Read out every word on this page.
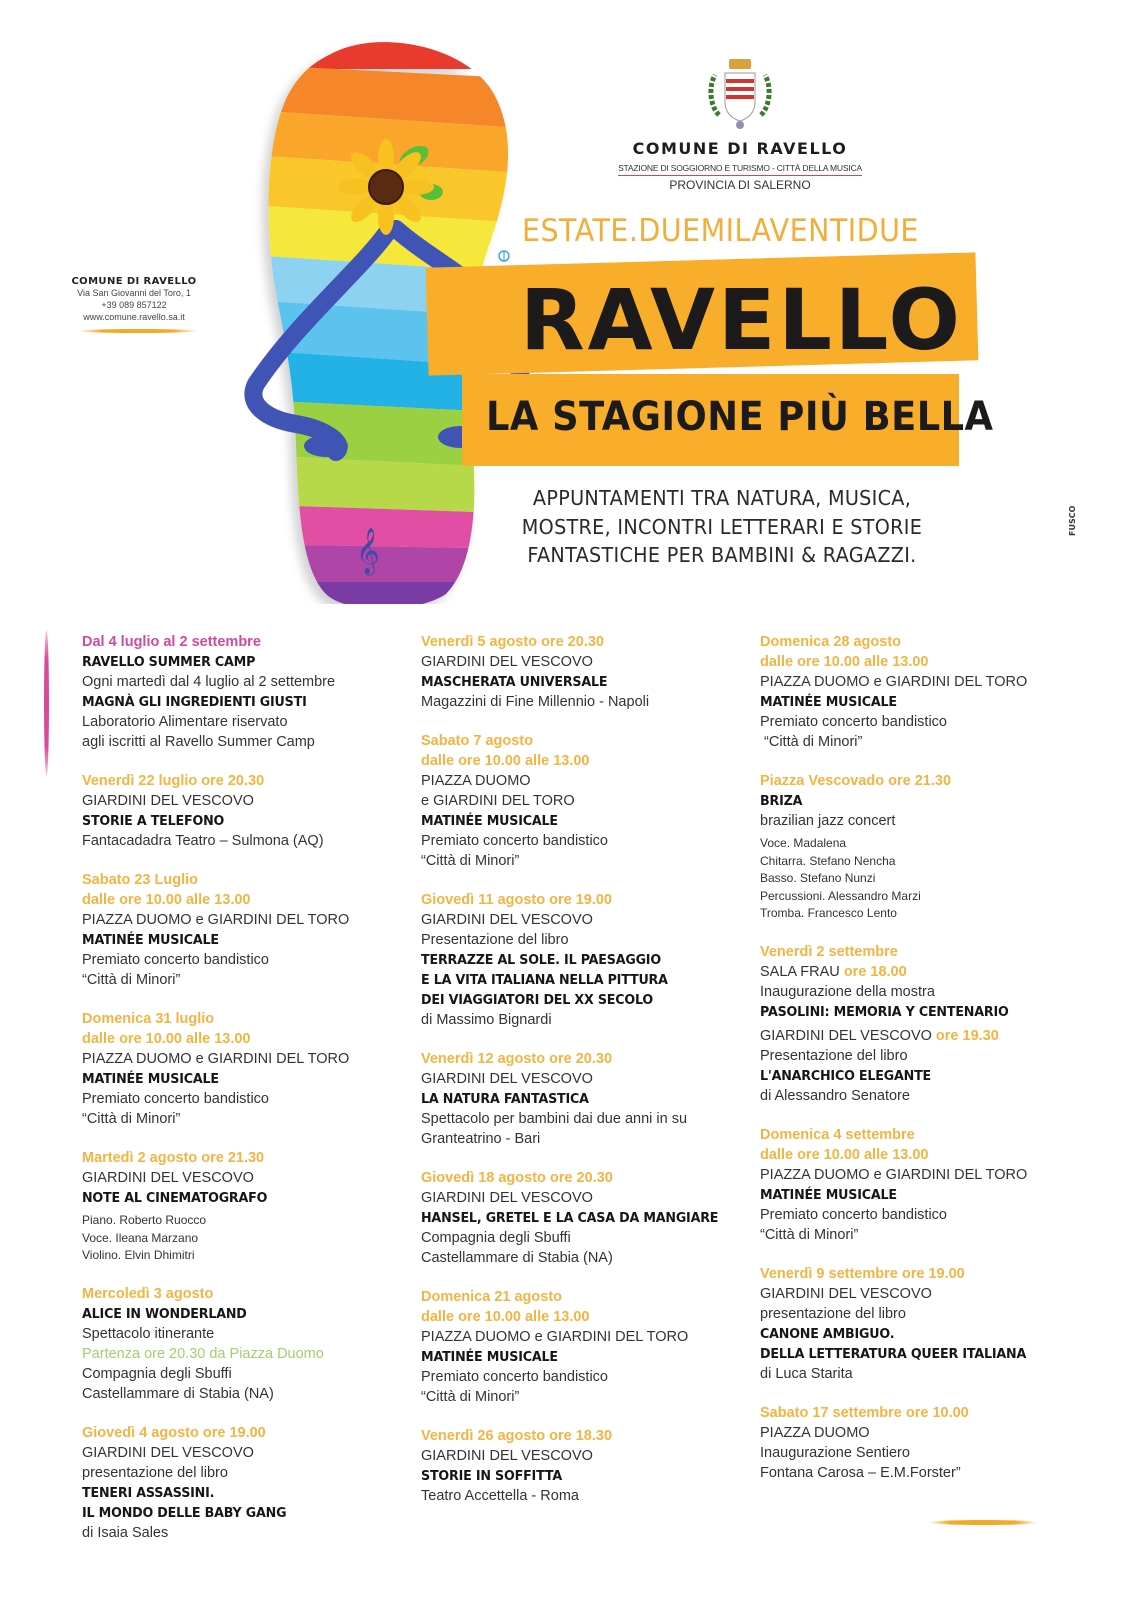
𝄞
COMUNE DI RAVELLO
STAZIONE DI SOGGIORNO E TURISMO - CITTÀ DELLA MUSICA
PROVINCIA DI SALERNO
COMUNE DI RAVELLO
Via San Giovanni del Toro, 1
+39 089 857122
www.comune.ravello.sa.it
ESTATE.DUEMILAVENTIDUE
RAVELLO
LA STAGIONE PIÙ BELLA
APPUNTAMENTI TRA NATURA, MUSICA,
MOSTRE, INCONTRI LETTERARI E STORIE
FANTASTICHE PER BAMBINI & RAGAZZI.
FUSCO
Dal 4 luglio al 2 settembre
RAVELLO SUMMER CAMP
Ogni martedì dal 4 luglio al 2 settembre
MAGNÀ GLI INGREDIENTI GIUSTI
Laboratorio Alimentare riservato
agli iscritti al Ravello Summer Camp
Venerdì 22 luglio ore 20.30
GIARDINI DEL VESCOVO
STORIE A TELEFONO
Fantacadadra Teatro – Sulmona (AQ)
Sabato 23 Luglio
dalle ore 10.00 alle 13.00
PIAZZA DUOMO e GIARDINI DEL TORO
MATINÉE MUSICALE
Premiato concerto bandistico
“Città di Minori”
Domenica 31 luglio
dalle ore 10.00 alle 13.00
PIAZZA DUOMO e GIARDINI DEL TORO
MATINÉE MUSICALE
Premiato concerto bandistico
“Città di Minori”
Martedì 2 agosto ore 21.30
GIARDINI DEL VESCOVO
NOTE AL CINEMATOGRAFO
Piano. Roberto Ruocco
Voce. Ileana Marzano
Violino. Elvin Dhimitri
Mercoledì 3 agosto
ALICE IN WONDERLAND
Spettacolo itinerante
Partenza ore 20.30 da Piazza Duomo
Compagnia degli Sbuffi
Castellammare di Stabia (NA)
Giovedì 4 agosto ore 19.00
GIARDINI DEL VESCOVO
presentazione del libro
TENERI ASSASSINI.
IL MONDO DELLE BABY GANG
di Isaia Sales
Venerdì 5 agosto ore 20.30
GIARDINI DEL VESCOVO
MASCHERATA UNIVERSALE
Magazzini di Fine Millennio - Napoli
Sabato 7 agosto
dalle ore 10.00 alle 13.00
PIAZZA DUOMO
e GIARDINI DEL TORO
MATINÉE MUSICALE
Premiato concerto bandistico
“Città di Minori”
Giovedì 11 agosto ore 19.00
GIARDINI DEL VESCOVO
Presentazione del libro
TERRAZZE AL SOLE. IL PAESAGGIO
E LA VITA ITALIANA NELLA PITTURA
DEI VIAGGIATORI DEL XX SECOLO
di Massimo Bignardi
Venerdì 12 agosto ore 20.30
GIARDINI DEL VESCOVO
LA NATURA FANTASTICA
Spettacolo per bambini dai due anni in su
Granteatrino - Bari
Giovedì 18 agosto ore 20.30
GIARDINI DEL VESCOVO
HANSEL, GRETEL E LA CASA DA MANGIARE
Compagnia degli Sbuffi
Castellammare di Stabia (NA)
Domenica 21 agosto
dalle ore 10.00 alle 13.00
PIAZZA DUOMO e GIARDINI DEL TORO
MATINÉE MUSICALE
Premiato concerto bandistico
“Città di Minori”
Venerdì 26 agosto ore 18.30
GIARDINI DEL VESCOVO
STORIE IN SOFFITTA
Teatro Accettella - Roma
Domenica 28 agosto
dalle ore 10.00 alle 13.00
PIAZZA DUOMO e GIARDINI DEL TORO
MATINÉE MUSICALE
Premiato concerto bandistico
“Città di Minori”
Piazza Vescovado ore 21.30
BRIZA
brazilian jazz concert
Voce. Madalena
Chitarra. Stefano Nencha
Basso. Stefano Nunzi
Percussioni. Alessandro Marzi
Tromba. Francesco Lento
Venerdì 2 settembre
SALA FRAU ore 18.00
Inaugurazione della mostra
PASOLINI: MEMORIA Y CENTENARIO
GIARDINI DEL VESCOVO ore 19.30
Presentazione del libro
L'ANARCHICO ELEGANTE
di Alessandro Senatore
Domenica 4 settembre
dalle ore 10.00 alle 13.00
PIAZZA DUOMO e GIARDINI DEL TORO
MATINÉE MUSICALE
Premiato concerto bandistico
“Città di Minori”
Venerdì 9 settembre ore 19.00
GIARDINI DEL VESCOVO
presentazione del libro
CANONE AMBIGUO.
DELLA LETTERATURA QUEER ITALIANA
di Luca Starita
Sabato 17 settembre ore 10.00
PIAZZA DUOMO
Inaugurazione Sentiero
Fontana Carosa – E.M.Forster”
